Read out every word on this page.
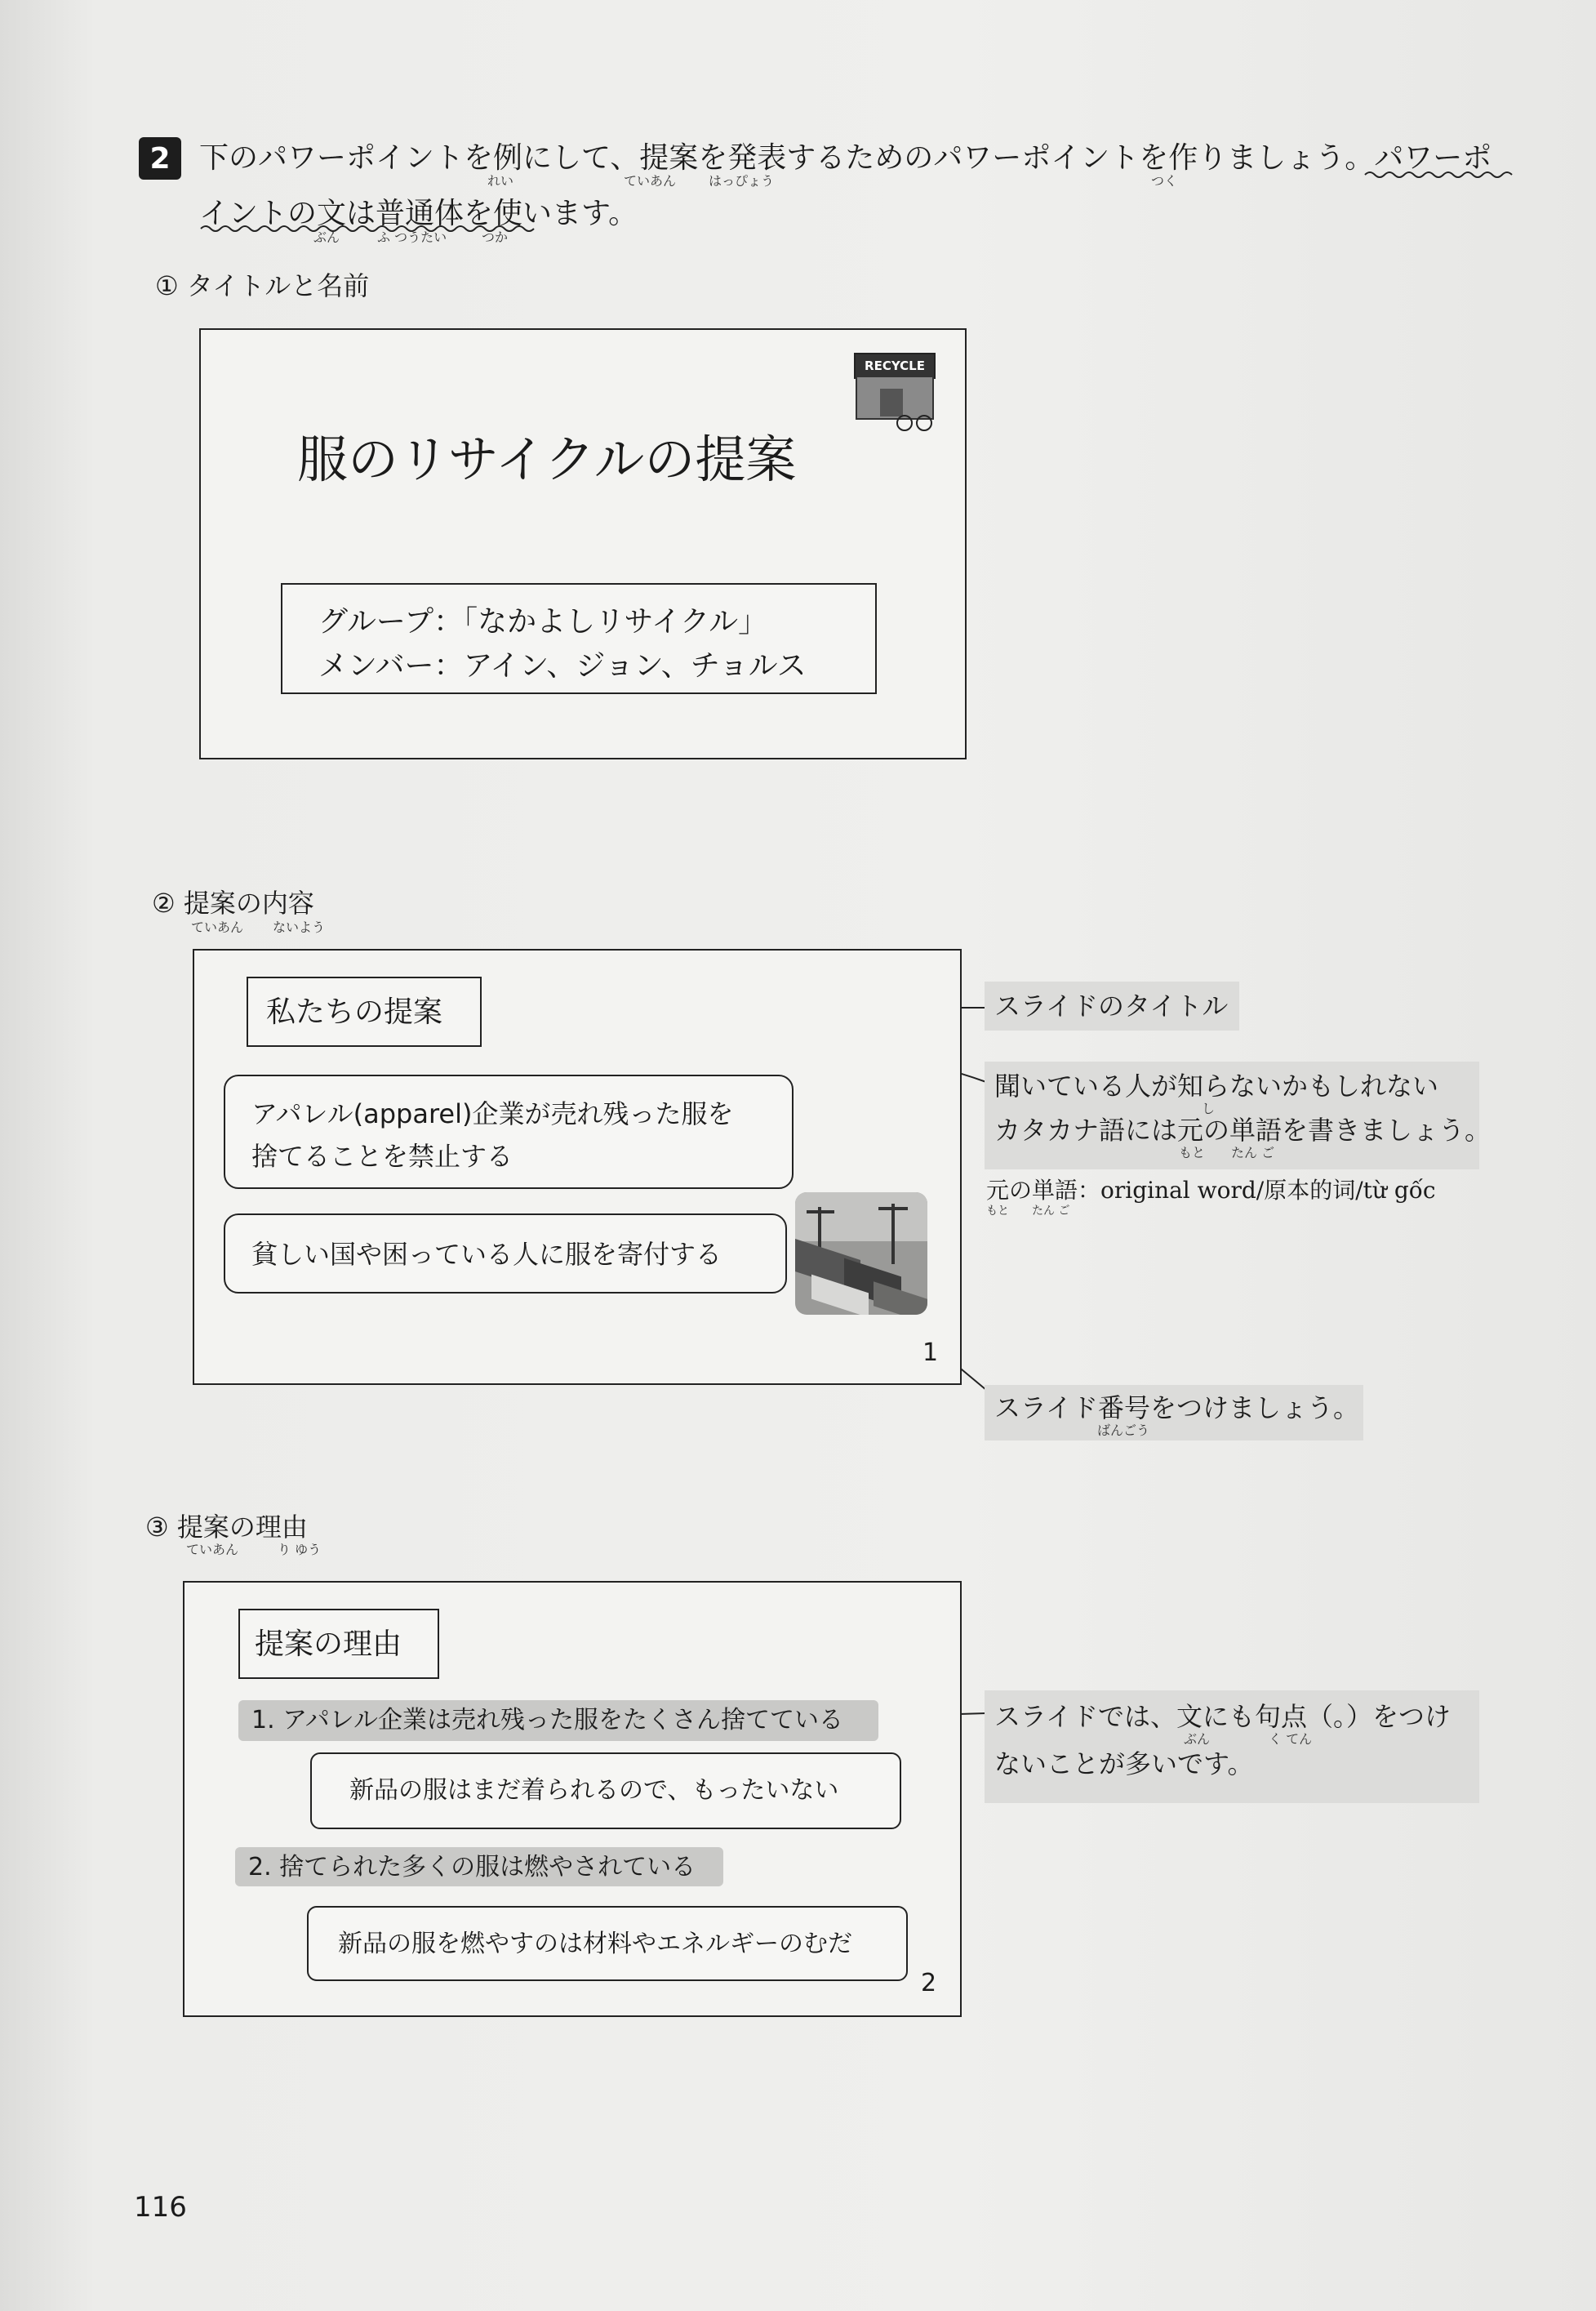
2 下のパワーポイントを例にして、提案を発表するためのパワーポイントを作りましょう。パワーポ
イントの文は普通体を使います。
れい	ていあん はっぴょう	つく
ぶん	ふ つうたい	つか
① タイトルと名前
RECYCLE
服のリサイクルの提案
グループ：「なかよしリサイクル」
メンバー：アイン、ジョン、チョルス
② 提案の内容
ていあん ないよう
私たちの提案
アパレル(apparel)企業が売れ残った服を
捨てることを禁止する
貧しい国や困っている人に服を寄付する
1
スライドのタイトル
聞いている人が知らないかもしれない
し
カタカナ語には元の単語を書きましょう。
もと　　たん ご
元の単語：original word/原本的词/từ gốc
もと　　たん ご
スライド番号をつけましょう。
ばんごう
③ 提案の理由
ていあん	り ゆう
提案の理由
1. アパレル企業は売れ残った服をたくさん捨てている
新品の服はまだ着られるので、もったいない
2. 捨てられた多くの服は燃やされている
新品の服を燃やすのは材料やエネルギーのむだ
2
スライドでは、文にも句点（。）をつけ
ぶん	く てん
ないことが多いです。
116
